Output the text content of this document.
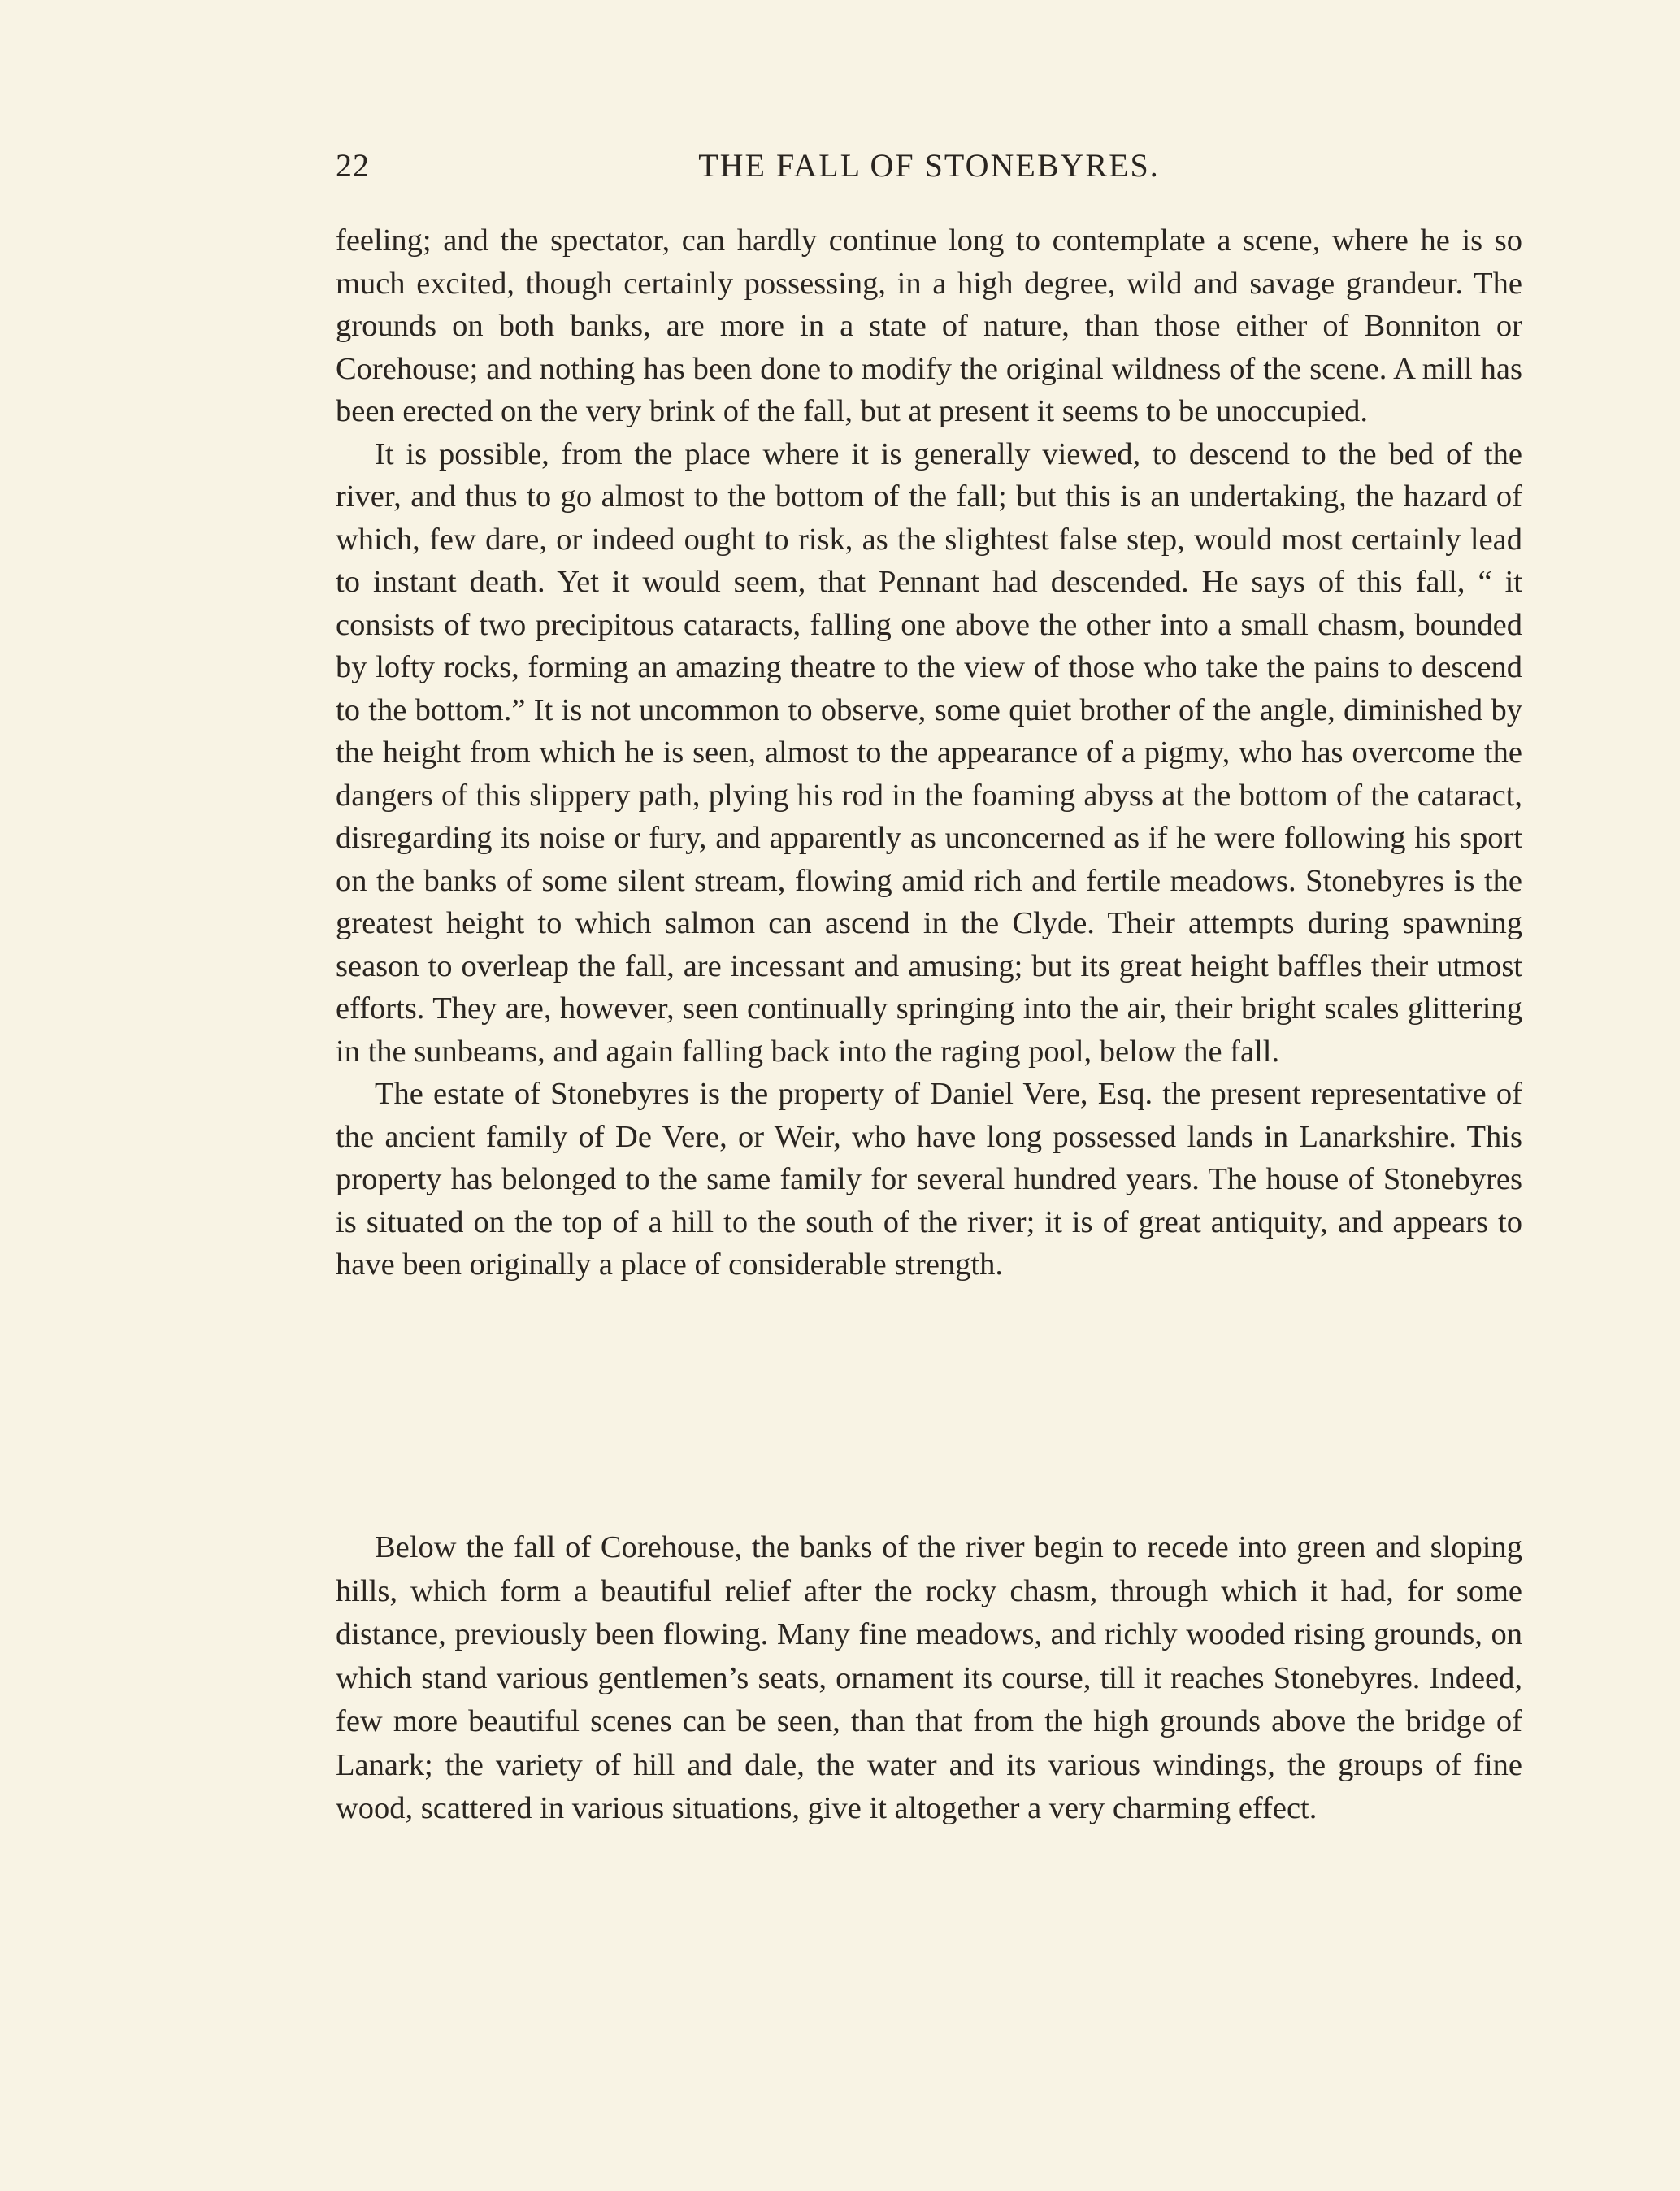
22	THE FALL OF STONEBYRES.

feeling; and the spectator, can hardly continue long to contemplate a scene, where he is so much excited, though certainly possessing, in a high degree, wild and savage grandeur. The grounds on both banks, are more in a state of nature, than those either of Bonniton or Corehouse; and nothing has been done to modify the original wildness of the scene. A mill has been erected on the very brink of the fall, but at present it seems to be unoccupied.

It is possible, from the place where it is generally viewed, to descend to the bed of the river, and thus to go almost to the bottom of the fall; but this is an undertaking, the hazard of which, few dare, or indeed ought to risk, as the slightest false step, would most certainly lead to instant death. Yet it would seem, that Pennant had descended. He says of this fall, “ it consists of two precipitous cataracts, falling one above the other into a small chasm, bounded by lofty rocks, forming an amazing theatre to the view of those who take the pains to descend to the bottom.” It is not uncommon to observe, some quiet brother of the angle, diminished by the height from which he is seen, almost to the appearance of a pigmy, who has overcome the dangers of this slippery path, plying his rod in the foaming abyss at the bottom of the cataract, disregarding its noise or fury, and apparently as unconcerned as if he were following his sport on the banks of some silent stream, flowing amid rich and fertile meadows. Stonebyres is the greatest height to which salmon can ascend in the Clyde. Their attempts during spawning season to overleap the fall, are incessant and amusing; but its great height baffles their utmost efforts. They are, however, seen continually springing into the air, their bright scales glittering in the sunbeams, and again falling back into the raging pool, below the fall.

The estate of Stonebyres is the property of Daniel Vere, Esq. the present representative of the ancient family of De Vere, or Weir, who have long possessed lands in Lanarkshire. This property has belonged to the same family for several hundred years. The house of Stonebyres is situated on the top of a hill to the south of the river; it is of great antiquity, and appears to have been originally a place of considerable strength.

Below the fall of Corehouse, the banks of the river begin to recede into green and sloping hills, which form a beautiful relief after the rocky chasm, through which it had, for some distance, previously been flowing. Many fine meadows, and richly wooded rising grounds, on which stand various gentlemen’s seats, ornament its course, till it reaches Stonebyres. Indeed, few more beautiful scenes can be seen, than that from the high grounds above the bridge of Lanark; the variety of hill and dale, the water and its various windings, the groups of fine wood, scattered in various situations, give it altogether a very charming effect.
